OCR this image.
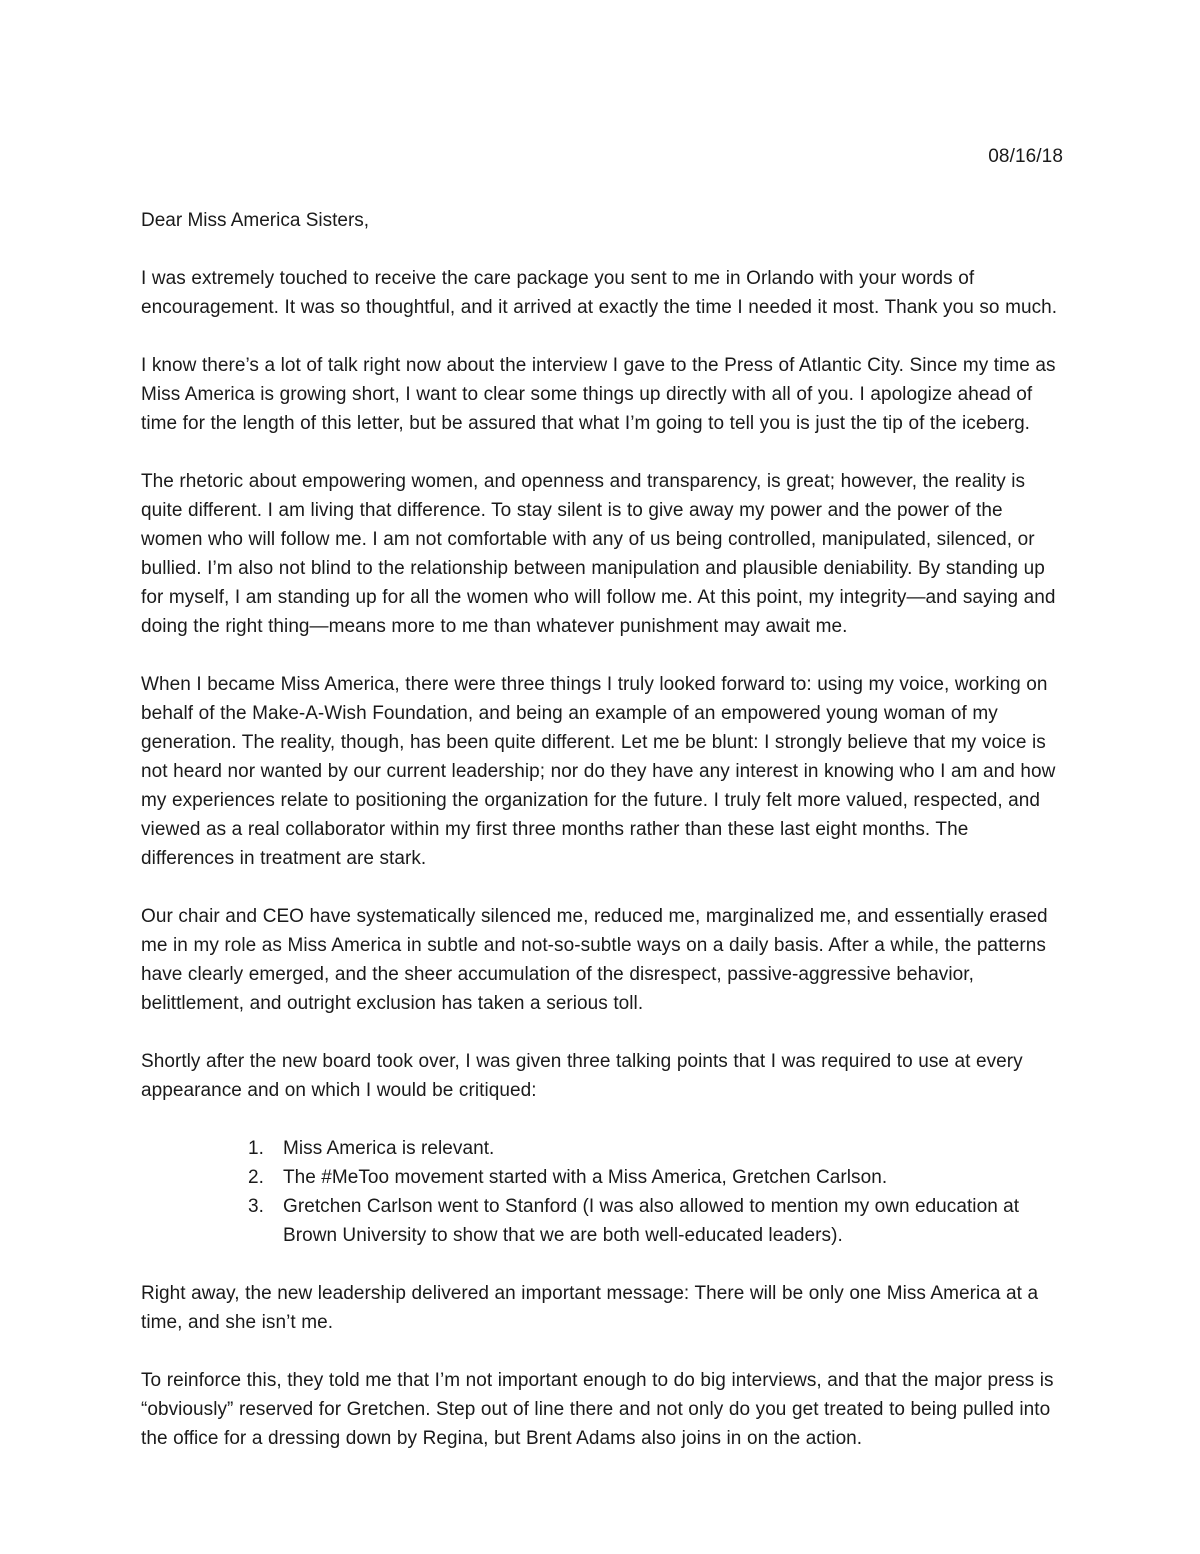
08/16/18
Dear Miss America Sisters,

I was extremely touched to receive the care package you sent to me in Orlando with your words of encouragement. It was so thoughtful, and it arrived at exactly the time I needed it most. Thank you so much.

I know there’s a lot of talk right now about the interview I gave to the Press of Atlantic City. Since my time as Miss America is growing short, I want to clear some things up directly with all of you. I apologize ahead of time for the length of this letter, but be assured that what I’m going to tell you is just the tip of the iceberg.

The rhetoric about empowering women, and openness and transparency, is great; however, the reality is quite different. I am living that difference. To stay silent is to give away my power and the power of the women who will follow me. I am not comfortable with any of us being controlled, manipulated, silenced, or bullied. I’m also not blind to the relationship between manipulation and plausible deniability. By standing up for myself, I am standing up for all the women who will follow me. At this point, my integrity—and saying and doing the right thing—means more to me than whatever punishment may await me.

When I became Miss America, there were three things I truly looked forward to: using my voice, working on behalf of the Make-A-Wish Foundation, and being an example of an empowered young woman of my generation. The reality, though, has been quite different. Let me be blunt: I strongly believe that my voice is not heard nor wanted by our current leadership; nor do they have any interest in knowing who I am and how my experiences relate to positioning the organization for the future. I truly felt more valued, respected, and viewed as a real collaborator within my first three months rather than these last eight months. The differences in treatment are stark.

Our chair and CEO have systematically silenced me, reduced me, marginalized me, and essentially erased me in my role as Miss America in subtle and not-so-subtle ways on a daily basis. After a while, the patterns have clearly emerged, and the sheer accumulation of the disrespect, passive-aggressive behavior, belittlement, and outright exclusion has taken a serious toll.

Shortly after the new board took over, I was given three talking points that I was required to use at every appearance and on which I would be critiqued:

Miss America is relevant.
The #MeToo movement started with a Miss America, Gretchen Carlson.
Gretchen Carlson went to Stanford (I was also allowed to mention my own education at Brown University to show that we are both well-educated leaders).

Right away, the new leadership delivered an important message: There will be only one Miss America at a time, and she isn’t me.

To reinforce this, they told me that I’m not important enough to do big interviews, and that the major press is “obviously” reserved for Gretchen. Step out of line there and not only do you get treated to being pulled into the office for a dressing down by Regina, but Brent Adams also joins in on the action.
